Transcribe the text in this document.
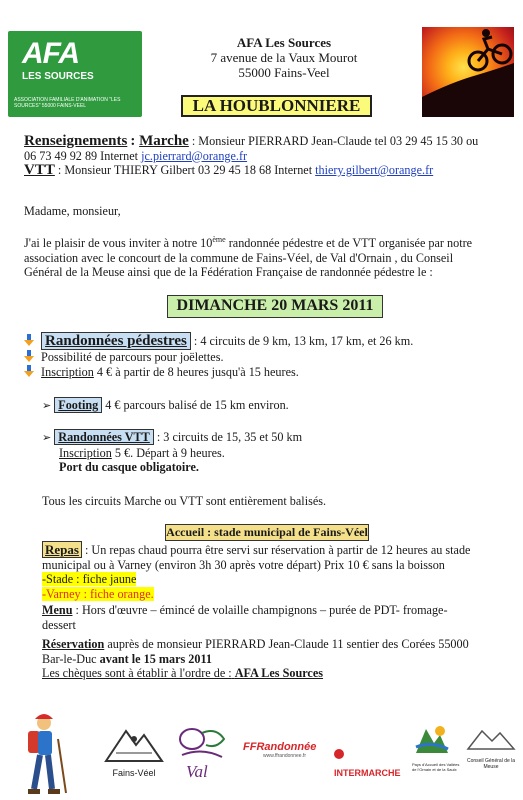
AFA
LES SOURCES
ASSOCIATION FAMILIALE D'ANIMATION "LES SOURCES" 55000 FAINS-VEEL
AFA Les Sources
7 avenue de la Vaux Mourot
55000 Fains-Veel
LA HOUBLONNIERE
Renseignements : Marche : Monsieur PIERRARD Jean-Claude tel 03 29 45 15 30 ou
06 73 49 92 89 Internet jc.pierrard@orange.fr
VTT : Monsieur THIERY Gilbert 03 29 45 18 68 Internet thiery.gilbert@orange.fr
Madame, monsieur,
J'ai le plaisir de vous inviter à notre 10ème randonnée pédestre et de VTT organisée par notre
association avec le concourt de la commune de Fains-Véel, de Val d'Ornain , du Conseil
Général de la Meuse ainsi que de la Fédération Française de randonnée pédestre le :
DIMANCHE 20 MARS 2011
Randonnées pédestres : 4 circuits de 9 km, 13 km, 17 km, et 26 km.
Possibilité de parcours pour joëlettes.
Inscription 4 € à partir de 8 heures jusqu'à 15 heures.
➢ Footing 4 € parcours balisé de 15 km environ.
➢ Randonnées VTT : 3 circuits de 15, 35 et 50 km
Inscription 5 €. Départ à 9 heures.
Port du casque obligatoire.
Tous les circuits Marche ou VTT sont entièrement balisés.
Accueil : stade municipal de Fains-Véel
Repas : Un repas chaud pourra être servi sur réservation à partir de 12 heures au stade
municipal ou à Varney (environ 3h 30 après votre départ) Prix 10 € sans la boisson
-Stade : fiche jaune
-Varney : fiche orange.
Menu : Hors d'œuvre – émincé de volaille champignons – purée de PDT- fromage-
dessert
Réservation auprès de monsieur PIERRARD Jean-Claude 11 sentier des Corées 55000
Bar-le-Duc avant le 15 mars 2011
Les chèques sont à établir à l'ordre de : AFA Les Sources
Fains-Véel	Val
FFRandonnée
www.ffrandonnee.fr
INTERMARCHE
Pays d'Accueil des Vallées de l'Ornain et de la Saulx
Conseil Général de la Meuse
